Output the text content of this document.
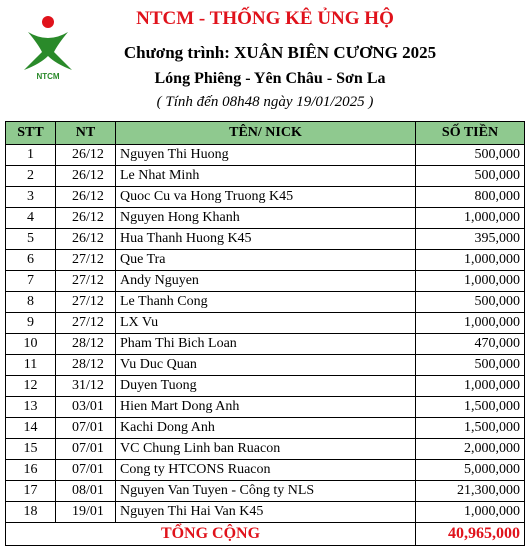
NTCM
NTCM - THỐNG KÊ ỦNG HỘ
Chương trình: XUÂN BIÊN CƯƠNG 2025
Lóng Phiêng - Yên Châu - Sơn La
( Tính đến 08h48 ngày 19/01/2025 )
STT	NT	TÊN/ NICK	SỐ TIỀN
1	26/12	Nguyen Thi Huong	500,000
2	26/12	Le Nhat Minh	500,000
3	26/12	Quoc Cu va Hong Truong K45	800,000
4	26/12	Nguyen Hong Khanh	1,000,000
5	26/12	Hua Thanh Huong K45	395,000
6	27/12	Que Tra	1,000,000
7	27/12	Andy Nguyen	1,000,000
8	27/12	Le Thanh Cong	500,000
9	27/12	LX Vu	1,000,000
10	28/12	Pham Thi Bich Loan	470,000
11	28/12	Vu Duc Quan	500,000
12	31/12	Duyen Tuong	1,000,000
13	03/01	Hien Mart Dong Anh	1,500,000
14	07/01	Kachi Dong Anh	1,500,000
15	07/01	VC Chung Linh ban Ruacon	2,000,000
16	07/01	Cong ty HTCONS Ruacon	5,000,000
17	08/01	Nguyen Van Tuyen - Công ty NLS	21,300,000
18	19/01	Nguyen Thi Hai Van K45	1,000,000
TỔNG CỘNG			40,965,000
